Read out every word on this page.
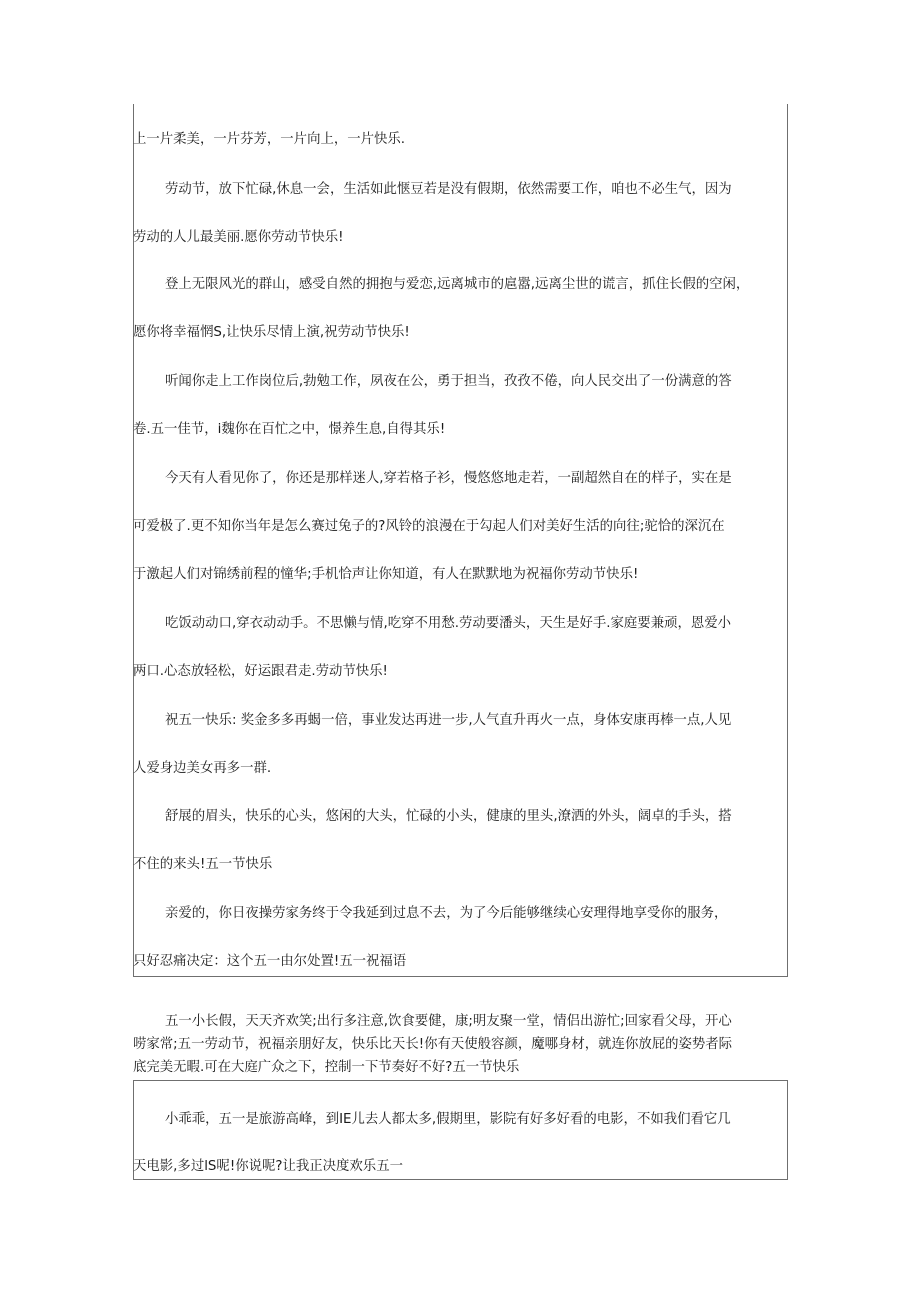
上一片柔美，一片芬芳，一片向上，一片快乐.
劳动节，放下忙碌,休息一会，生活如此惬豆若是没有假期，依然需要工作，咱也不必生气，因为
劳动的人儿最美丽.愿你劳动节快乐!
登上无限风光的群山，感受自然的拥抱与爱恋,远离城市的扈嚣,远离尘世的谎言，抓住长假的空闲，
愿你将幸福惘S,让快乐尽情上演,祝劳动节快乐!
听闻你走上工作岗位后,勃勉工作，夙夜在公，勇于担当，孜孜不倦，向人民交出了一份满意的答
卷.五一佳节，i魏你在百忙之中，憬养生息,自得其乐!
今天有人看见你了，你还是那样迷人,穿若格子衫，慢悠悠地走若，一副超然自在的样子，实在是
可爱极了.更不知你当年是怎么赛过兔子的?风铃的浪漫在于勾起人们对美好生活的向往;驼恰的深沉在
于激起人们对锦绣前程的憧华;手机恰声让你知道，有人在默默地为祝福你劳动节快乐!
吃饭动动口,穿衣动动手。不思懒与情,吃穿不用愁.劳动要潘头，天生是好手.家庭要兼顽，恩爱小
两口.心态放轻松，好运跟君走.劳动节快乐!
祝五一快乐: 奖金多多再蝎一倍，事业发达再进一步,人气直升再火一点，身体安康再棒一点,人见
人爱身边美女再多一群.
舒展的眉头，快乐的心头，悠闲的大头，忙碌的小头，健康的里头,潦洒的外头，阔卓的手头，搭
不住的来头!五一节快乐
亲爱的，你日夜操劳家务终于令我延到过息不去，为了今后能够继续心安理得地享受你的服务，
只好忍痛决定：这个五一由尔处置!五一祝福语
五一小长假，天天齐欢笑;出行多注意,饮食要健，康;明友聚一堂，情侣出游忙;回家看父母，开心
唠家常;五一劳动节，祝福亲朋好友，快乐比天长!你有天使般容颜，魔哪身材，就连你放屁的姿势者际
底完美无暇.可在大庭广众之下，控制一下节奏好不好?五一节快乐
小乖乖，五一是旅游高峰，到IE儿去人都太多,假期里，影院有好多好看的电影，不如我们看它几
天电影,多过lS呢!你说呢?让我正决度欢乐五一
